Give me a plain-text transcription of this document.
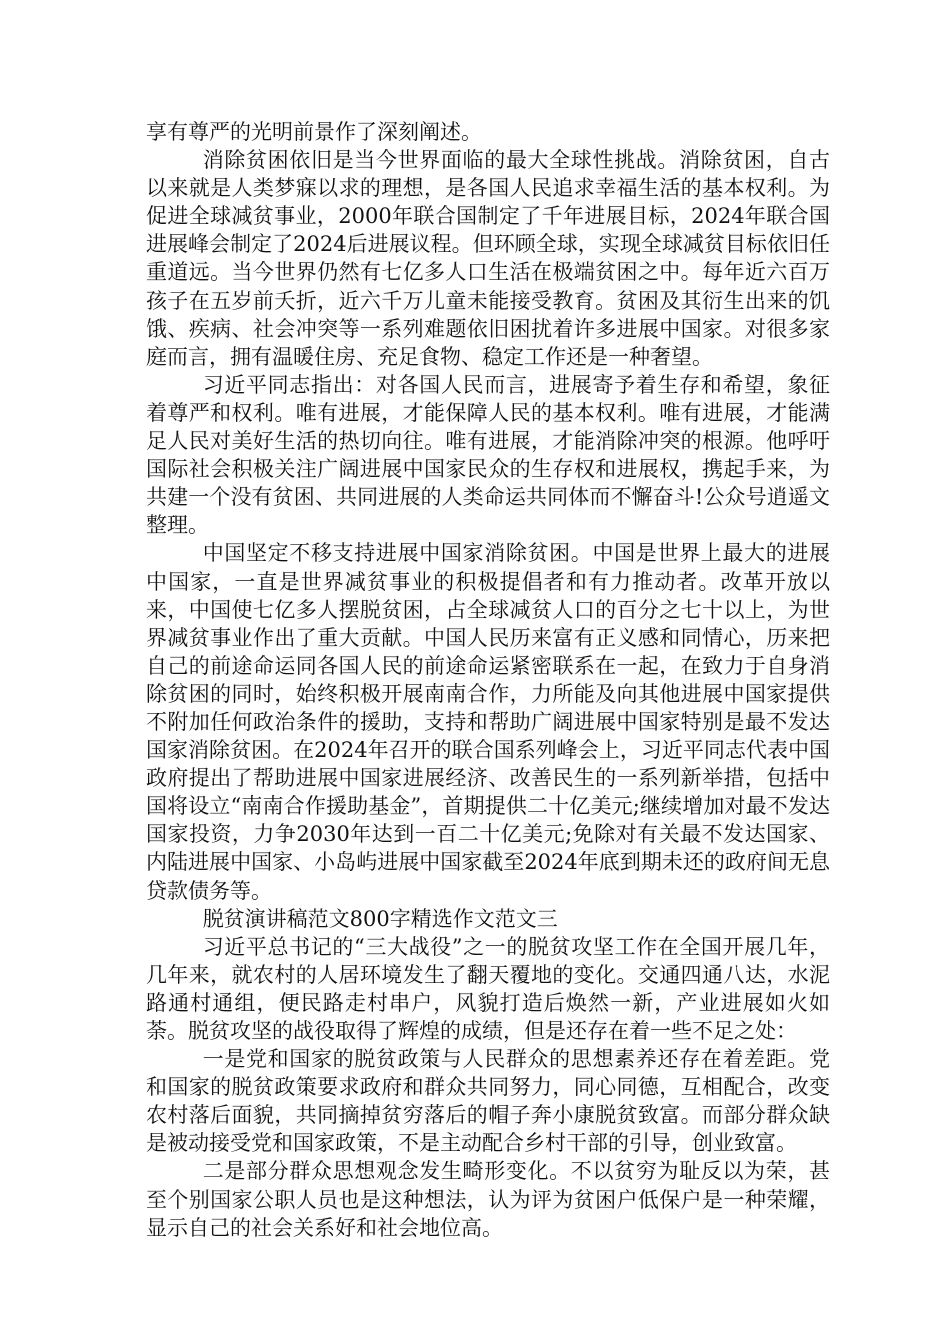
享有尊严的光明前景作了深刻阐述。

消除贫困依旧是当今世界面临的最大全球性挑战。消除贫困，自古以来就是人类梦寐以求的理想，是各国人民追求幸福生活的基本权利。为促进全球减贫事业，2000年联合国制定了千年进展目标，2024年联合国进展峰会制定了2024后进展议程。但环顾全球，实现全球减贫目标依旧任重道远。当今世界仍然有七亿多人口生活在极端贫困之中。每年近六百万孩子在五岁前夭折，近六千万儿童未能接受教育。贫困及其衍生出来的饥饿、疾病、社会冲突等一系列难题依旧困扰着许多进展中国家。对很多家庭而言，拥有温暖住房、充足食物、稳定工作还是一种奢望。

习近平同志指出：对各国人民而言，进展寄予着生存和希望，象征着尊严和权利。唯有进展，才能保障人民的基本权利。唯有进展，才能满足人民对美好生活的热切向往。唯有进展，才能消除冲突的根源。他呼吁国际社会积极关注广阔进展中国家民众的生存权和进展权，携起手来，为共建一个没有贫困、共同进展的人类命运共同体而不懈奋斗!公众号逍遥文整理。

中国坚定不移支持进展中国家消除贫困。中国是世界上最大的进展中国家，一直是世界减贫事业的积极提倡者和有力推动者。改革开放以来，中国使七亿多人摆脱贫困，占全球减贫人口的百分之七十以上，为世界减贫事业作出了重大贡献。中国人民历来富有正义感和同情心，历来把自己的前途命运同各国人民的前途命运紧密联系在一起，在致力于自身消除贫困的同时，始终积极开展南南合作，力所能及向其他进展中国家提供不附加任何政治条件的援助，支持和帮助广阔进展中国家特别是最不发达国家消除贫困。在2024年召开的联合国系列峰会上，习近平同志代表中国政府提出了帮助进展中国家进展经济、改善民生的一系列新举措，包括中国将设立“南南合作援助基金”，首期提供二十亿美元;继续增加对最不发达国家投资，力争2030年达到一百二十亿美元;免除对有关最不发达国家、内陆进展中国家、小岛屿进展中国家截至2024年底到期未还的政府间无息贷款债务等。

脱贫演讲稿范文800字精选作文范文三

习近平总书记的“三大战役”之一的脱贫攻坚工作在全国开展几年，几年来，就农村的人居环境发生了翻天覆地的变化。交通四通八达，水泥路通村通组，便民路走村串户，风貌打造后焕然一新，产业进展如火如荼。脱贫攻坚的战役取得了辉煌的成绩，但是还存在着一些不足之处：

一是党和国家的脱贫政策与人民群众的思想素养还存在着差距。党和国家的脱贫政策要求政府和群众共同努力，同心同德，互相配合，改变农村落后面貌，共同摘掉贫穷落后的帽子奔小康脱贫致富。而部分群众缺是被动接受党和国家政策，不是主动配合乡村干部的引导，创业致富。

二是部分群众思想观念发生畸形变化。不以贫穷为耻反以为荣，甚至个别国家公职人员也是这种想法，认为评为贫困户低保户是一种荣耀，显示自己的社会关系好和社会地位高。
